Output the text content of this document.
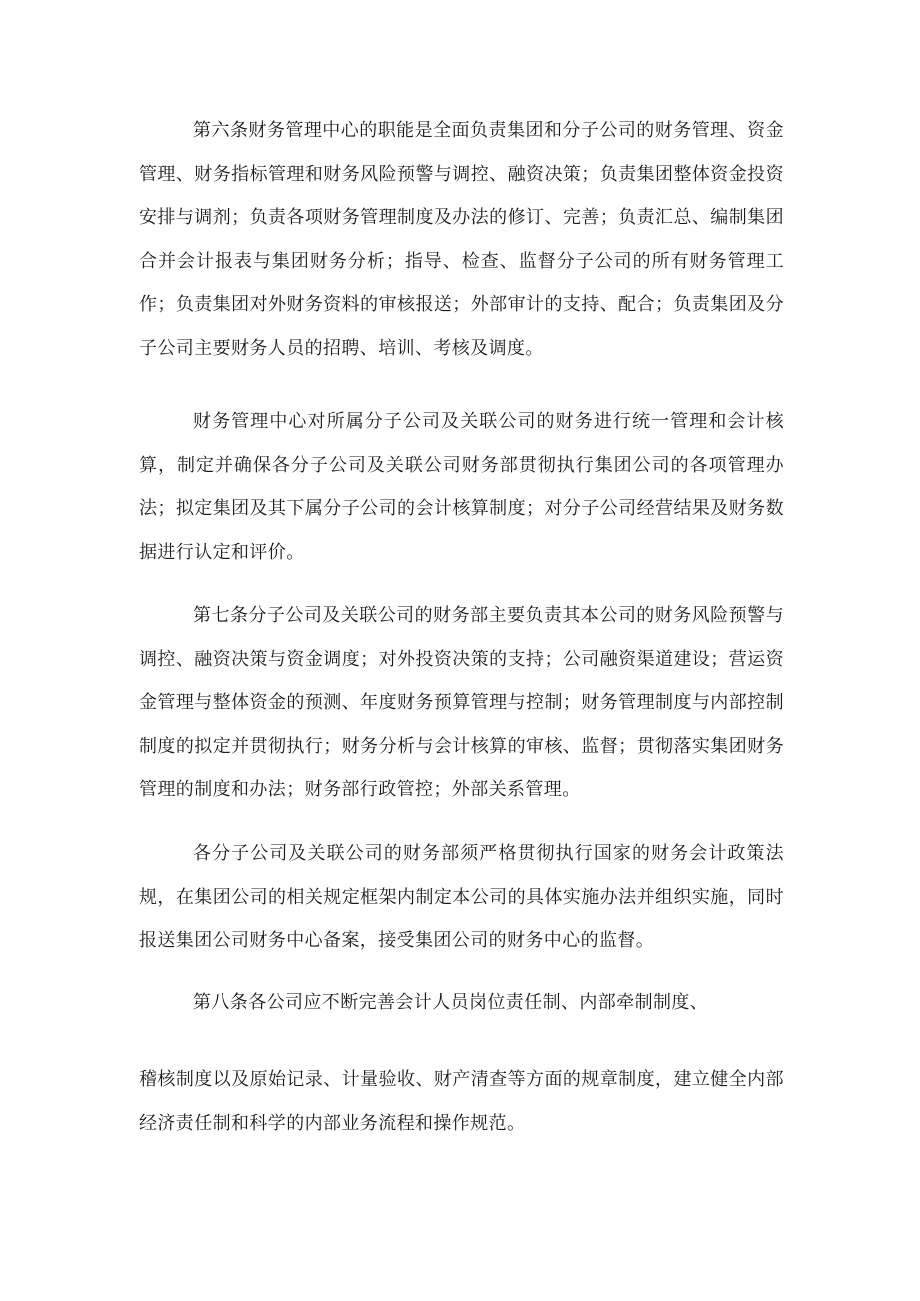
第六条财务管理中心的职能是全面负责集团和分子公司的财务管理、资金管理、财务指标管理和财务风险预警与调控、融资决策；负责集团整体资金投资安排与调剂；负责各项财务管理制度及办法的修订、完善；负责汇总、编制集团合并会计报表与集团财务分析；指导、检查、监督分子公司的所有财务管理工作；负责集团对外财务资料的审核报送；外部审计的支持、配合；负责集团及分子公司主要财务人员的招聘、培训、考核及调度。

财务管理中心对所属分子公司及关联公司的财务进行统一管理和会计核算，制定并确保各分子公司及关联公司财务部贯彻执行集团公司的各项管理办法；拟定集团及其下属分子公司的会计核算制度；对分子公司经营结果及财务数据进行认定和评价。

第七条分子公司及关联公司的财务部主要负责其本公司的财务风险预警与调控、融资决策与资金调度；对外投资决策的支持；公司融资渠道建设；营运资金管理与整体资金的预测、年度财务预算管理与控制；财务管理制度与内部控制制度的拟定并贯彻执行；财务分析与会计核算的审核、监督；贯彻落实集团财务管理的制度和办法；财务部行政管控；外部关系管理。

各分子公司及关联公司的财务部须严格贯彻执行国家的财务会计政策法规，在集团公司的相关规定框架内制定本公司的具体实施办法并组织实施，同时报送集团公司财务中心备案，接受集团公司的财务中心的监督。

第八条各公司应不断完善会计人员岗位责任制、内部牵制制度、

稽核制度以及原始记录、计量验收、财产清查等方面的规章制度，建立健全内部经济责任制和科学的内部业务流程和操作规范。
